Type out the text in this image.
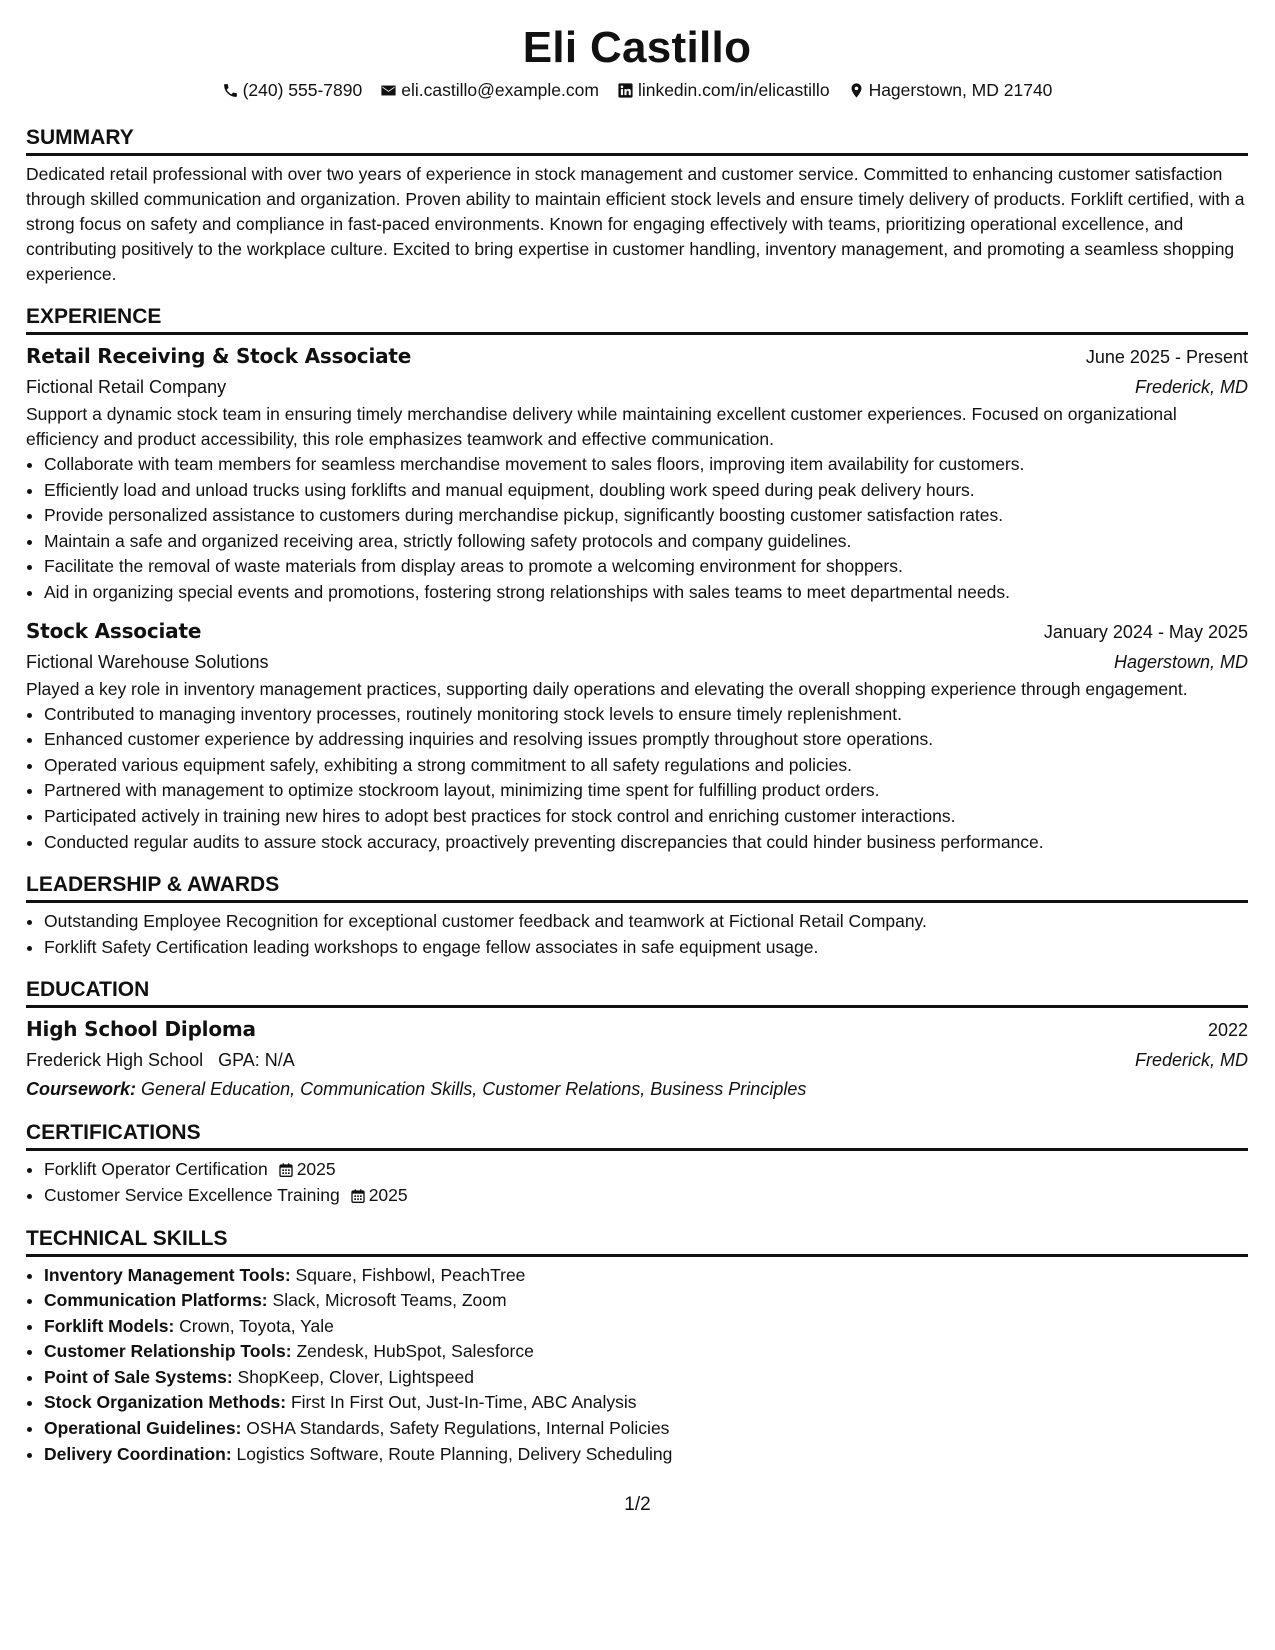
Eli Castillo
(240) 555-7890 eli.castillo@example.com linkedin.com/in/elicastillo Hagerstown, MD 21740
SUMMARY

Dedicated retail professional with over two years of experience in stock management and customer service. Committed to enhancing customer satisfaction through skilled communication and organization. Proven ability to maintain efficient stock levels and ensure timely delivery of products. Forklift certified, with a strong focus on safety and compliance in fast-paced environments. Known for engaging effectively with teams, prioritizing operational excellence, and contributing positively to the workplace culture. Excited to bring expertise in customer handling, inventory management, and promoting a seamless shopping experience.

EXPERIENCE
Retail Receiving & Stock Associate	June 2025 - Present
Fictional Retail Company	Frederick, MD

Support a dynamic stock team in ensuring timely merchandise delivery while maintaining excellent customer experiences. Focused on organizational efficiency and product accessibility, this role emphasizes teamwork and effective communication.

• Collaborate with team members for seamless merchandise movement to sales floors, improving item availability for customers.
• Efficiently load and unload trucks using forklifts and manual equipment, doubling work speed during peak delivery hours.
• Provide personalized assistance to customers during merchandise pickup, significantly boosting customer satisfaction rates.
• Maintain a safe and organized receiving area, strictly following safety protocols and company guidelines.
• Facilitate the removal of waste materials from display areas to promote a welcoming environment for shoppers.
• Aid in organizing special events and promotions, fostering strong relationships with sales teams to meet departmental needs.
Stock Associate	January 2024 - May 2025
Fictional Warehouse Solutions	Hagerstown, MD

Played a key role in inventory management practices, supporting daily operations and elevating the overall shopping experience through engagement.

• Contributed to managing inventory processes, routinely monitoring stock levels to ensure timely replenishment.
• Enhanced customer experience by addressing inquiries and resolving issues promptly throughout store operations.
• Operated various equipment safely, exhibiting a strong commitment to all safety regulations and policies.
• Partnered with management to optimize stockroom layout, minimizing time spent for fulfilling product orders.
• Participated actively in training new hires to adopt best practices for stock control and enriching customer interactions.
• Conducted regular audits to assure stock accuracy, proactively preventing discrepancies that could hinder business performance.
LEADERSHIP & AWARDS
• Outstanding Employee Recognition for exceptional customer feedback and teamwork at Fictional Retail Company.
• Forklift Safety Certification leading workshops to engage fellow associates in safe equipment usage.
EDUCATION
High School Diploma	2022
Frederick High School GPA: N/A	Frederick, MD
Coursework: General Education, Communication Skills, Customer Relations, Business Principles
CERTIFICATIONS
• Forklift Operator Certification 2025
• Customer Service Excellence Training 2025
TECHNICAL SKILLS
• Inventory Management Tools: Square, Fishbowl, PeachTree
• Communication Platforms: Slack, Microsoft Teams, Zoom
• Forklift Models: Crown, Toyota, Yale
• Customer Relationship Tools: Zendesk, HubSpot, Salesforce
• Point of Sale Systems: ShopKeep, Clover, Lightspeed
• Stock Organization Methods: First In First Out, Just-In-Time, ABC Analysis
• Operational Guidelines: OSHA Standards, Safety Regulations, Internal Policies
• Delivery Coordination: Logistics Software, Route Planning, Delivery Scheduling
1/2
